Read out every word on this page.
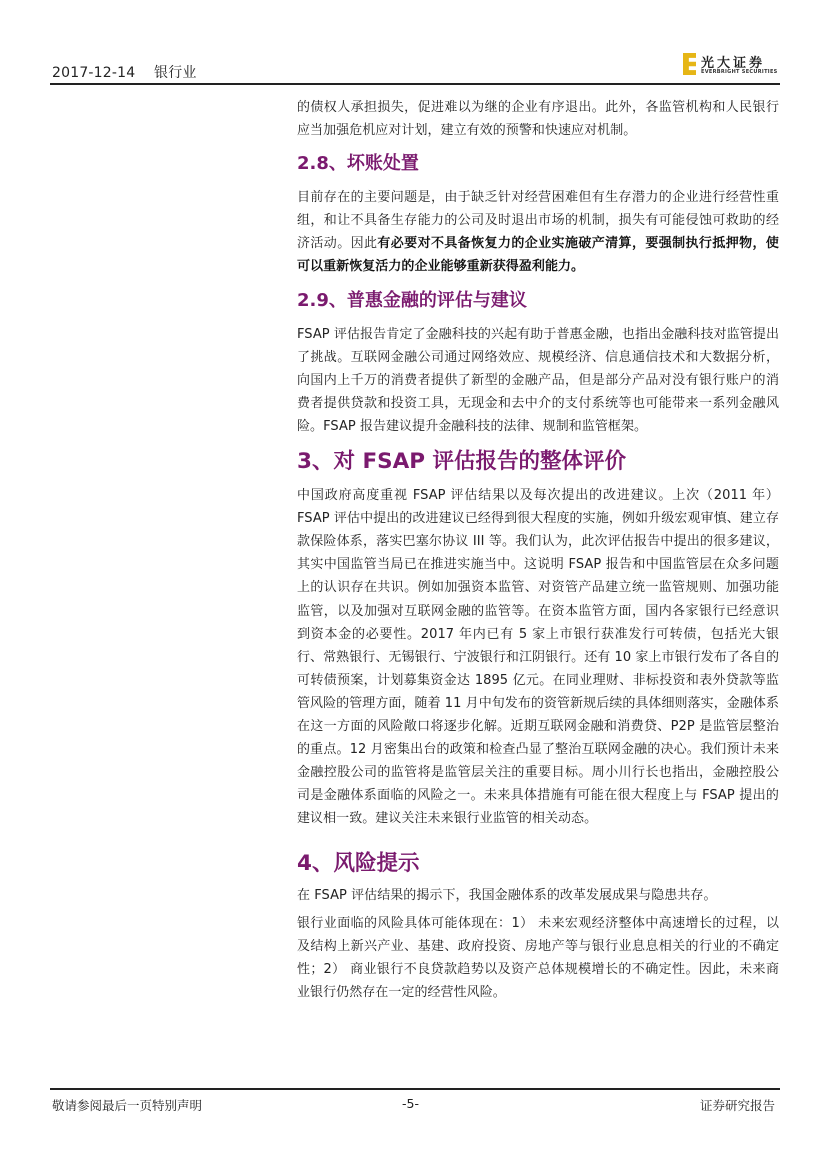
2017-12-14 银行业
光大证券
EVERBRIGHT SECURITIES

的债权人承担损失，促进难以为继的企业有序退出。此外，各监管机构和人民银行应当加强危机应对计划，建立有效的预警和快速应对机制。

2.8、坏账处置

目前存在的主要问题是，由于缺乏针对经营困难但有生存潜力的企业进行经营性重组，和让不具备生存能力的公司及时退出市场的机制，损失有可能侵蚀可救助的经济活动。因此有必要对不具备恢复力的企业实施破产清算，要强制执行抵押物，使可以重新恢复活力的企业能够重新获得盈利能力。

2.9、普惠金融的评估与建议

FSAP 评估报告肯定了金融科技的兴起有助于普惠金融，也指出金融科技对监管提出了挑战。互联网金融公司通过网络效应、规模经济、信息通信技术和大数据分析，向国内上千万的消费者提供了新型的金融产品，但是部分产品对没有银行账户的消费者提供贷款和投资工具，无现金和去中介的支付系统等也可能带来一系列金融风险。FSAP 报告建议提升金融科技的法律、规制和监管框架。

3、对 FSAP 评估报告的整体评价

中国政府高度重视 FSAP 评估结果以及每次提出的改进建议。上次（2011 年）FSAP 评估中提出的改进建议已经得到很大程度的实施，例如升级宏观审慎、建立存款保险体系，落实巴塞尔协议 III 等。我们认为，此次评估报告中提出的很多建议，其实中国监管当局已在推进实施当中。这说明 FSAP 报告和中国监管层在众多问题上的认识存在共识。例如加强资本监管、对资管产品建立统一监管规则、加强功能监管，以及加强对互联网金融的监管等。在资本监管方面，国内各家银行已经意识到资本金的必要性。2017 年内已有 5 家上市银行获准发行可转债，包括光大银行、常熟银行、无锡银行、宁波银行和江阴银行。还有 10 家上市银行发布了各自的可转债预案，计划募集资金达 1895 亿元。在同业理财、非标投资和表外贷款等监管风险的管理方面，随着 11 月中旬发布的资管新规后续的具体细则落实，金融体系在这一方面的风险敞口将逐步化解。近期互联网金融和消费贷、P2P 是监管层整治的重点。12 月密集出台的政策和检查凸显了整治互联网金融的决心。我们预计未来金融控股公司的监管将是监管层关注的重要目标。周小川行长也指出，金融控股公司是金融体系面临的风险之一。未来具体措施有可能在很大程度上与 FSAP 提出的建议相一致。建议关注未来银行业监管的相关动态。

4、风险提示

在 FSAP 评估结果的揭示下，我国金融体系的改革发展成果与隐患共存。

银行业面临的风险具体可能体现在：1） 未来宏观经济整体中高速增长的过程，以及结构上新兴产业、基建、政府投资、房地产等与银行业息息相关的行业的不确定性；2） 商业银行不良贷款趋势以及资产总体规模增长的不确定性。因此，未来商业银行仍然存在一定的经营性风险。

敬请参阅最后一页特别声明	-5-	证券研究报告
